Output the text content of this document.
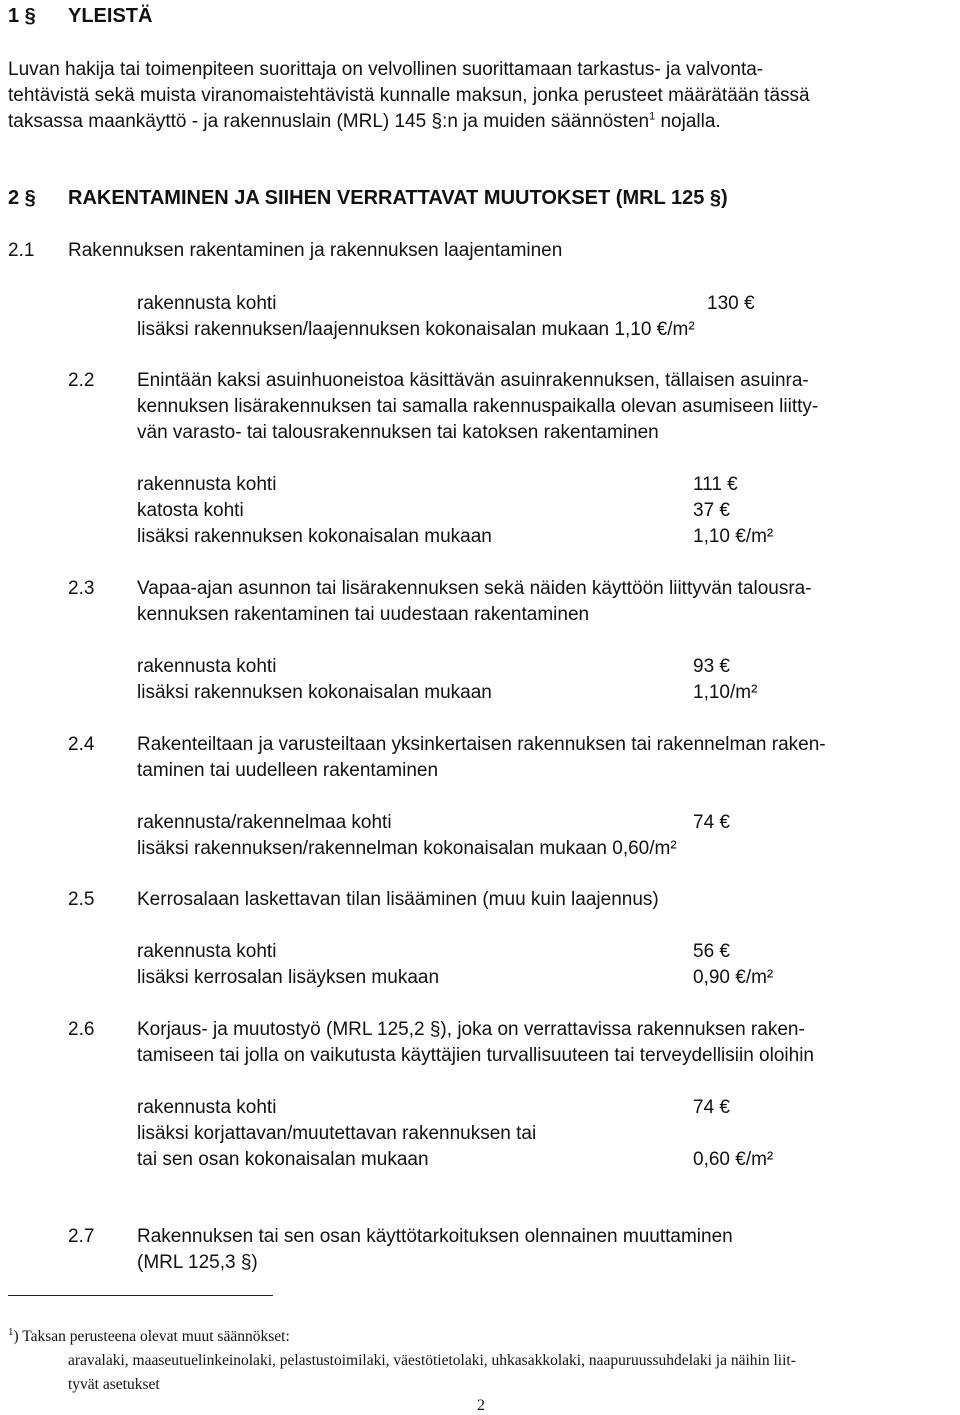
1 § YLEISTÄ
Luvan hakija tai toimenpiteen suorittaja on velvollinen suorittamaan tarkastus- ja valvonta-
tehtävistä sekä muista viranomaistehtävistä kunnalle maksun, jonka perusteet määrätään tässä
taksassa maankäyttö - ja rakennuslain (MRL) 145 §:n ja muiden säännösten$^1$ nojalla.
2 § RAKENTAMINEN JA SIIHEN VERRATTAVAT MUUTOKSET (MRL 125 §)
2.1 Rakennuksen rakentaminen ja rakennuksen laajentaminen
rakennusta kohti	130 €
lisäksi rakennuksen/laajennuksen kokonaisalan mukaan 1,10 €/m²
2.2 Enintään kaksi asuinhuoneistoa käsittävän asuinrakennuksen, tällaisen asuinra-
kennuksen lisärakennuksen tai samalla rakennuspaikalla olevan asumiseen liitty-
vän varasto- tai talousrakennuksen tai katoksen rakentaminen
rakennusta kohti	111 €
katosta kohti	37 €
lisäksi rakennuksen kokonaisalan mukaan	1,10 €/m²
2.3 Vapaa-ajan asunnon tai lisärakennuksen sekä näiden käyttöön liittyvän talousra-
kennuksen rakentaminen tai uudestaan rakentaminen
rakennusta kohti	93 €
lisäksi rakennuksen kokonaisalan mukaan	1,10/m²
2.4 Rakenteiltaan ja varusteiltaan yksinkertaisen rakennuksen tai rakennelman raken-
taminen tai uudelleen rakentaminen
rakennusta/rakennelmaa kohti	74 €
lisäksi rakennuksen/rakennelman kokonaisalan mukaan 0,60/m²
2.5 Kerrosalaan laskettavan tilan lisääminen (muu kuin laajennus)
rakennusta kohti	56 €
lisäksi kerrosalan lisäyksen mukaan	0,90 €/m²
2.6 Korjaus- ja muutostyö (MRL 125,2 §), joka on verrattavissa rakennuksen raken-
tamiseen tai jolla on vaikutusta käyttäjien turvallisuuteen tai terveydellisiin oloihin
rakennusta kohti	74 €
lisäksi korjattavan/muutettavan rakennuksen tai
tai sen osan kokonaisalan mukaan	0,60 €/m²
2.7 Rakennuksen tai sen osan käyttötarkoituksen olennainen muuttaminen
(MRL 125,3 §)
$^1$) Taksan perusteena olevat muut säännökset:
aravalaki, maaseutuelinkeinolaki, pelastustoimilaki, väestötietolaki, uhkasakkolaki, naapuruussuhdelaki ja näihin liit-
tyvät asetukset
2
